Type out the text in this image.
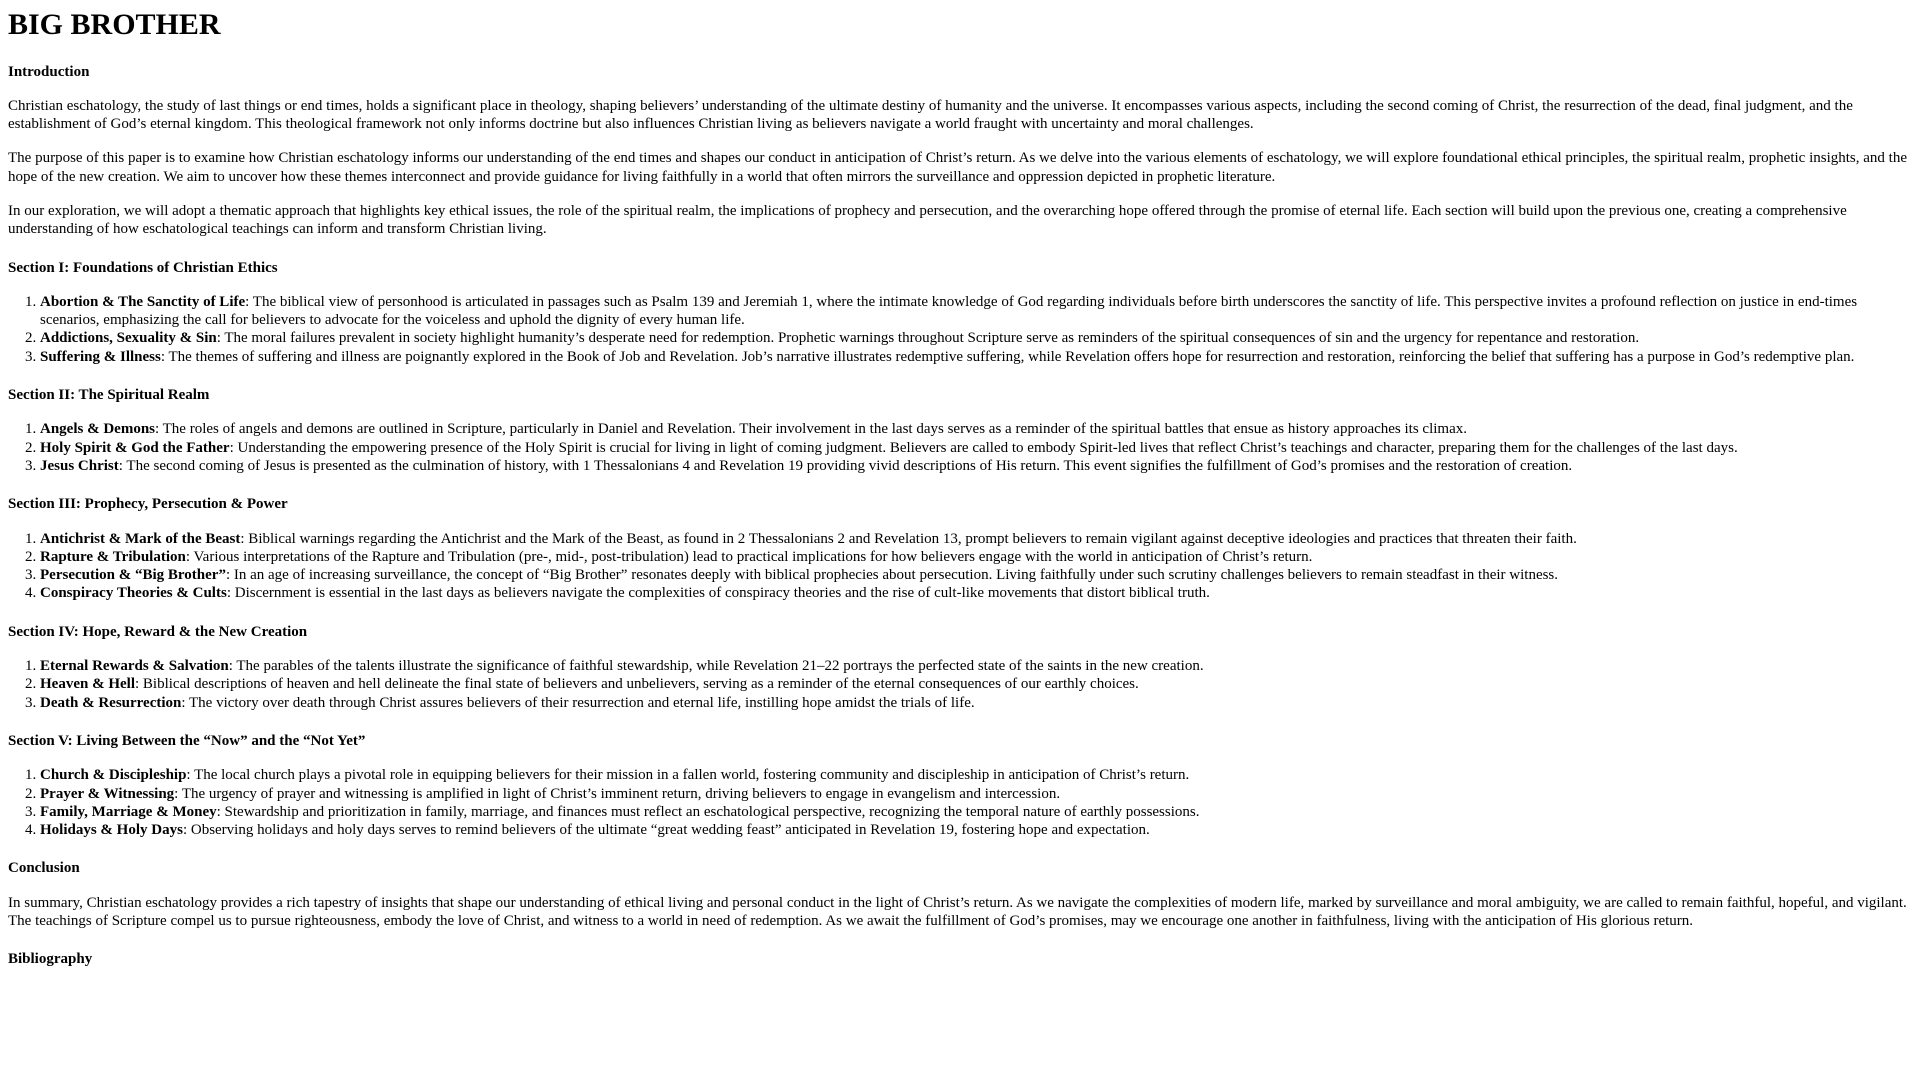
BIG BROTHER
Introduction

Christian eschatology, the study of last things or end times, holds a significant place in theology, shaping believers’ understanding of the ultimate destiny of humanity and the universe. It encompasses various aspects, including the second coming of Christ, the resurrection of the dead, final judgment, and the establishment of God’s eternal kingdom. This theological framework not only informs doctrine but also influences Christian living as believers navigate a world fraught with uncertainty and moral challenges.

The purpose of this paper is to examine how Christian eschatology informs our understanding of the end times and shapes our conduct in anticipation of Christ’s return. As we delve into the various elements of eschatology, we will explore foundational ethical principles, the spiritual realm, prophetic insights, and the hope of the new creation. We aim to uncover how these themes interconnect and provide guidance for living faithfully in a world that often mirrors the surveillance and oppression depicted in prophetic literature.

In our exploration, we will adopt a thematic approach that highlights key ethical issues, the role of the spiritual realm, the implications of prophecy and persecution, and the overarching hope offered through the promise of eternal life. Each section will build upon the previous one, creating a comprehensive understanding of how eschatological teachings can inform and transform Christian living.

Section I: Foundations of Christian Ethics
1. Abortion & The Sanctity of Life: The biblical view of personhood is articulated in passages such as Psalm 139 and Jeremiah 1, where the intimate knowledge of God regarding individuals before birth underscores the sanctity of life. This perspective invites a profound reflection on justice in end-times scenarios, emphasizing the call for believers to advocate for the voiceless and uphold the dignity of every human life.
2. Addictions, Sexuality & Sin: The moral failures prevalent in society highlight humanity’s desperate need for redemption. Prophetic warnings throughout Scripture serve as reminders of the spiritual consequences of sin and the urgency for repentance and restoration.
3. Suffering & Illness: The themes of suffering and illness are poignantly explored in the Book of Job and Revelation. Job’s narrative illustrates redemptive suffering, while Revelation offers hope for resurrection and restoration, reinforcing the belief that suffering has a purpose in God’s redemptive plan.
Section II: The Spiritual Realm
1. Angels & Demons: The roles of angels and demons are outlined in Scripture, particularly in Daniel and Revelation. Their involvement in the last days serves as a reminder of the spiritual battles that ensue as history approaches its climax.
2. Holy Spirit & God the Father: Understanding the empowering presence of the Holy Spirit is crucial for living in light of coming judgment. Believers are called to embody Spirit-led lives that reflect Christ’s teachings and character, preparing them for the challenges of the last days.
3. Jesus Christ: The second coming of Jesus is presented as the culmination of history, with 1 Thessalonians 4 and Revelation 19 providing vivid descriptions of His return. This event signifies the fulfillment of God’s promises and the restoration of creation.
Section III: Prophecy, Persecution & Power
1. Antichrist & Mark of the Beast: Biblical warnings regarding the Antichrist and the Mark of the Beast, as found in 2 Thessalonians 2 and Revelation 13, prompt believers to remain vigilant against deceptive ideologies and practices that threaten their faith.
2. Rapture & Tribulation: Various interpretations of the Rapture and Tribulation (pre-, mid-, post-tribulation) lead to practical implications for how believers engage with the world in anticipation of Christ’s return.
3. Persecution & “Big Brother”: In an age of increasing surveillance, the concept of “Big Brother” resonates deeply with biblical prophecies about persecution. Living faithfully under such scrutiny challenges believers to remain steadfast in their witness.
4. Conspiracy Theories & Cults: Discernment is essential in the last days as believers navigate the complexities of conspiracy theories and the rise of cult-like movements that distort biblical truth.
Section IV: Hope, Reward & the New Creation
1. Eternal Rewards & Salvation: The parables of the talents illustrate the significance of faithful stewardship, while Revelation 21–22 portrays the perfected state of the saints in the new creation.
2. Heaven & Hell: Biblical descriptions of heaven and hell delineate the final state of believers and unbelievers, serving as a reminder of the eternal consequences of our earthly choices.
3. Death & Resurrection: The victory over death through Christ assures believers of their resurrection and eternal life, instilling hope amidst the trials of life.
Section V: Living Between the “Now” and the “Not Yet”
1. Church & Discipleship: The local church plays a pivotal role in equipping believers for their mission in a fallen world, fostering community and discipleship in anticipation of Christ’s return.
2. Prayer & Witnessing: The urgency of prayer and witnessing is amplified in light of Christ’s imminent return, driving believers to engage in evangelism and intercession.
3. Family, Marriage & Money: Stewardship and prioritization in family, marriage, and finances must reflect an eschatological perspective, recognizing the temporal nature of earthly possessions.
4. Holidays & Holy Days: Observing holidays and holy days serves to remind believers of the ultimate “great wedding feast” anticipated in Revelation 19, fostering hope and expectation.
Conclusion

In summary, Christian eschatology provides a rich tapestry of insights that shape our understanding of ethical living and personal conduct in the light of Christ’s return. As we navigate the complexities of modern life, marked by surveillance and moral ambiguity, we are called to remain faithful, hopeful, and vigilant. The teachings of Scripture compel us to pursue righteousness, embody the love of Christ, and witness to a world in need of redemption. As we await the fulfillment of God’s promises, may we encourage one another in faithfulness, living with the anticipation of His glorious return.

Bibliography
